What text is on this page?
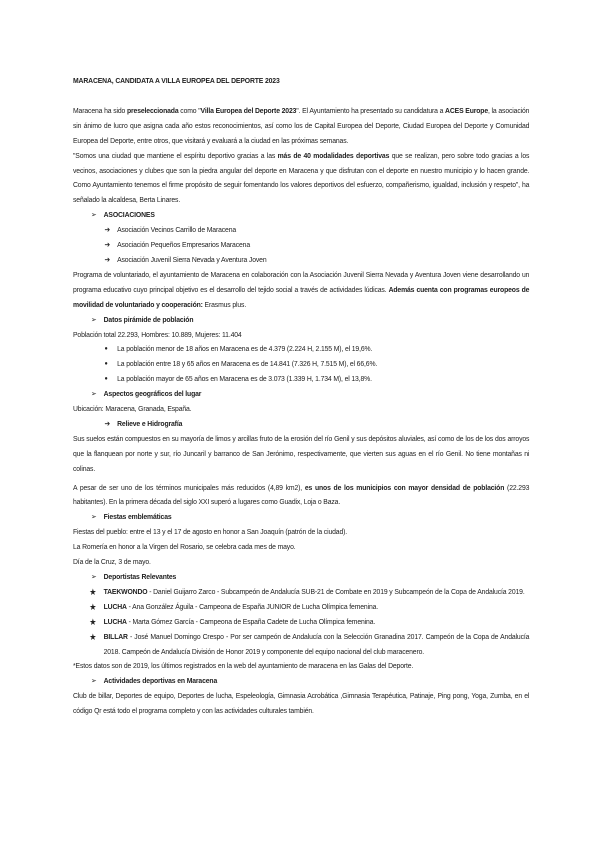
MARACENA, CANDIDATA A VILLA EUROPEA DEL DEPORTE 2023

Maracena ha sido preseleccionada como "Villa Europea del Deporte 2023". El Ayuntamiento ha presentado su candidatura a ACES Europe, la asociación sin ánimo de lucro que asigna cada año estos reconocimientos, así como los de Capital Europea del Deporte, Ciudad Europea del Deporte y Comunidad Europea del Deporte, entre otros, que visitará y evaluará a la ciudad en las próximas semanas.

"Somos una ciudad que mantiene el espíritu deportivo gracias a las más de 40 modalidades deportivas que se realizan, pero sobre todo gracias a los vecinos, asociaciones y clubes que son la piedra angular del deporte en Maracena y que disfrutan con el deporte en nuestro municipio y lo hacen grande. Como Ayuntamiento tenemos el firme propósito de seguir fomentando los valores deportivos del esfuerzo, compañerismo, igualdad, inclusión y respeto", ha señalado la alcaldesa, Berta Linares.

➢ ASOCIACIONES
➔ Asociación Vecinos Carrillo de Maracena
➔ Asociación Pequeños Empresarios Maracena
➔ Asociación Juvenil Sierra Nevada y Aventura Joven

Programa de voluntariado, el ayuntamiento de Maracena en colaboración con la Asociación Juvenil Sierra Nevada y Aventura Joven viene desarrollando un programa educativo cuyo principal objetivo es el desarrollo del tejido social a través de actividades lúdicas. Además cuenta con programas europeos de movilidad de voluntariado y cooperación: Erasmus plus.

➢ Datos pirámide de población

Población total 22.293, Hombres: 10.889, Mujeres: 11.404

● La población menor de 18 años en Maracena es de 4.379 (2.224 H, 2.155 M), el 19,6%.
● La población entre 18 y 65 años en Maracena es de 14.841 (7.326 H, 7.515 M), el 66,6%.
● La población mayor de 65 años en Maracena es de 3.073 (1.339 H, 1.734 M), el 13,8%.
➢ Aspectos geográficos del lugar

Ubicación: Maracena, Granada, España.

➔ Relieve e Hidrografía

Sus suelos están compuestos en su mayoría de limos y arcillas fruto de la erosión del río Genil y sus depósitos aluviales, así como de los de los dos arroyos que la flanquean por norte y sur, río Juncaril y barranco de San Jerónimo, respectivamente, que vierten sus aguas en el río Genil. No tiene montañas ni colinas.

A pesar de ser uno de los términos municipales más reducidos (4,89 km2), es unos de los municipios con mayor densidad de población (22.293 habitantes). En la primera década del siglo XXI superó a lugares como Guadix, Loja o Baza.

➢ Fiestas emblemáticas

Fiestas del pueblo: entre el 13 y el 17 de agosto en honor a San Joaquín (patrón de la ciudad).

La Romería en honor a la Virgen del Rosario, se celebra cada mes de mayo.

Día de la Cruz, 3 de mayo.

➢ Deportistas Relevantes
★ TAEKWONDO - Daniel Guijarro Zarco - Subcampeón de Andalucía SUB-21 de Combate en 2019 y Subcampeón de la Copa de Andalucía 2019.
★ LUCHA - Ana González Águila - Campeona de España JUNIOR de Lucha Olímpica femenina.
★ LUCHA - Marta Gómez García - Campeona de España Cadete de Lucha Olímpica femenina.
★ BILLAR - José Manuel Domingo Crespo - Por ser campeón de Andalucía con la Selección Granadina 2017. Campeón de la Copa de Andalucía 2018. Campeón de Andalucía División de Honor 2019 y componente del equipo nacional del club maracenero.

*Estos datos son de 2019, los últimos registrados en la web del ayuntamiento de maracena en las Galas del Deporte.

➢ Actividades deportivas en Maracena

Club de billar, Deportes de equipo, Deportes de lucha, Espeleología, Gimnasia Acrobática ,Gimnasia Terapéutica, Patinaje, Ping pong, Yoga, Zumba, en el código Qr está todo el programa completo y con las actividades culturales también.
